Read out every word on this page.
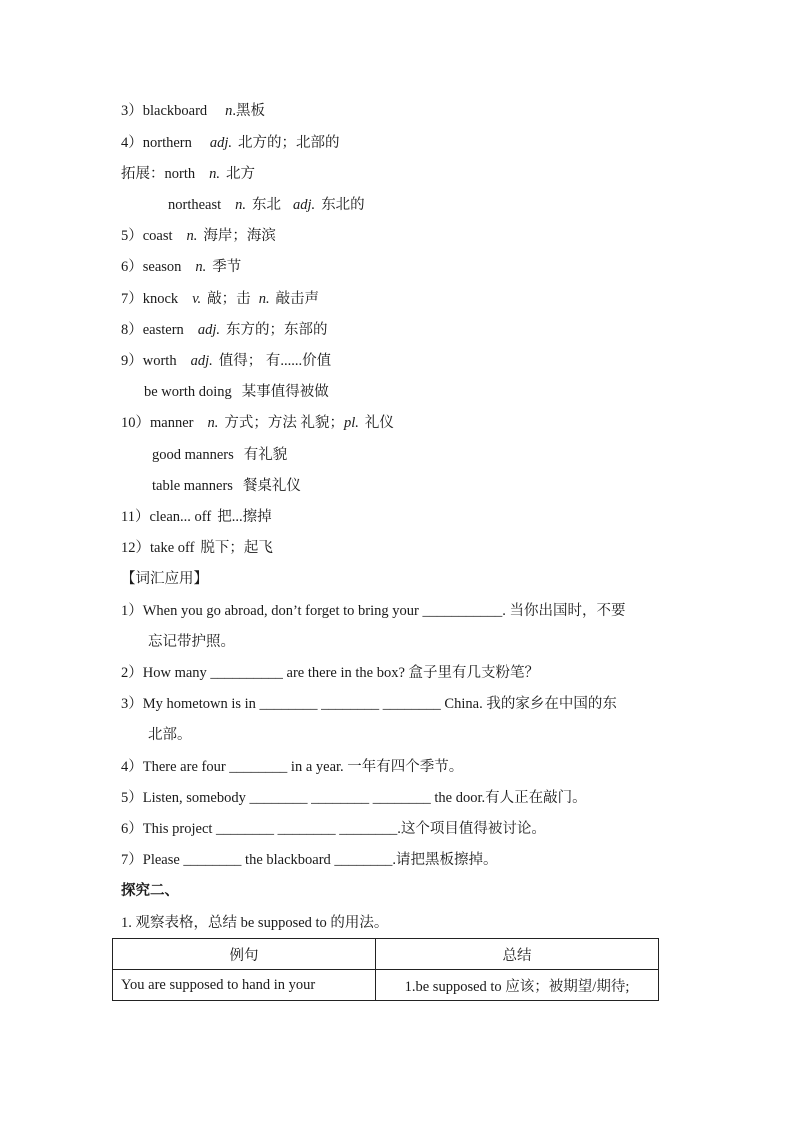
3）blackboard n.黑板
4）northern adj. 北方的；北部的
拓展：north n. 北方
northeast n. 东北 adj. 东北的
5）coast n. 海岸；海滨
6）season n. 季节
7）knock v. 敲；击 n. 敲击声
8）eastern adj. 东方的；东部的
9）worth adj. 值得； 有......价值
be worth doing 某事值得被做
10）manner n. 方式；方法 礼貌；pl. 礼仪
good manners 有礼貌
table manners 餐桌礼仪
11）clean... off 把...擦掉
12）take off 脱下；起飞
【词汇应用】
1）When you go abroad, don’t forget to bring your ___________. 当你出国时，不要
忘记带护照。
2）How many __________ are there in the box? 盒子里有几支粉笔？
3）My hometown is in ________ ________ ________ China. 我的家乡在中国的东
北部。
4）There are four ________ in a year. 一年有四个季节。
5）Listen, somebody ________ ________ ________ the door.有人正在敲门。
6）This project ________ ________ ________.这个项目值得被讨论。
7）Please ________ the blackboard ________.请把黑板擦掉。
探究二、
1. 观察表格，总结 be supposed to 的用法。
例句	总结
You are supposed to hand in your	1.be supposed to 应该；被期望/期待;
